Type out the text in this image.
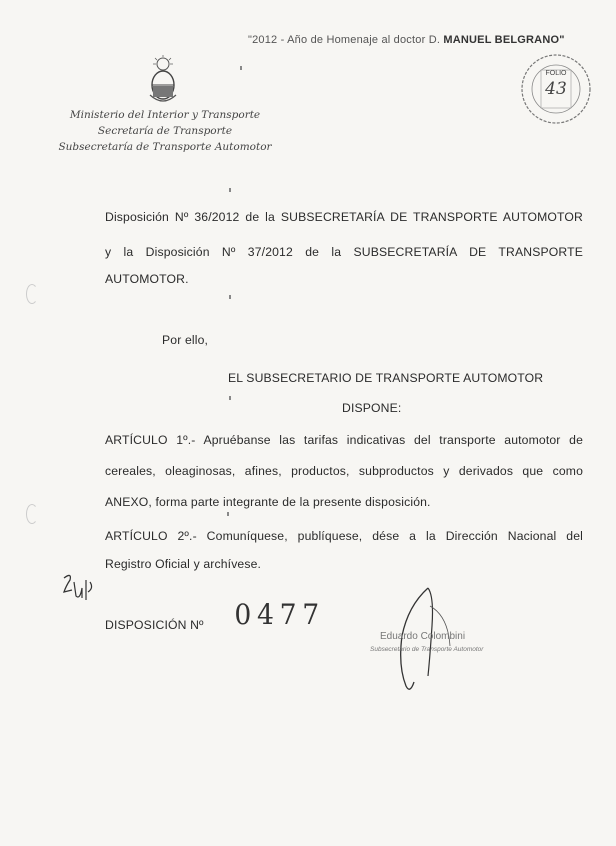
"2012 - Año de Homenaje al doctor D. MANUEL BELGRANO"
FOLIO
43
Ministerio del Interior y Transporte
Secretaría de Transporte
Subsecretaría de Transporte Automotor
Disposición Nº 36/2012 de la SUBSECRETARÍA DE TRANSPORTE AUTOMOTOR
y la Disposición Nº 37/2012 de la SUBSECRETARÍA DE TRANSPORTE
AUTOMOTOR.
Por ello,
EL SUBSECRETARIO DE TRANSPORTE AUTOMOTOR
DISPONE:
ARTÍCULO 1º.- Apruébanse las tarifas indicativas del transporte automotor de
cereales, oleaginosas, afines, productos, subproductos y derivados que como
ANEXO, forma parte integrante de la presente disposición.
ARTÍCULO 2º.- Comuníquese, publíquese, dése a la Dirección Nacional del
Registro Oficial y archívese.
DISPOSICIÓN Nº 0477
Eduardo Colombini
Subsecretario de Transporte Automotor
